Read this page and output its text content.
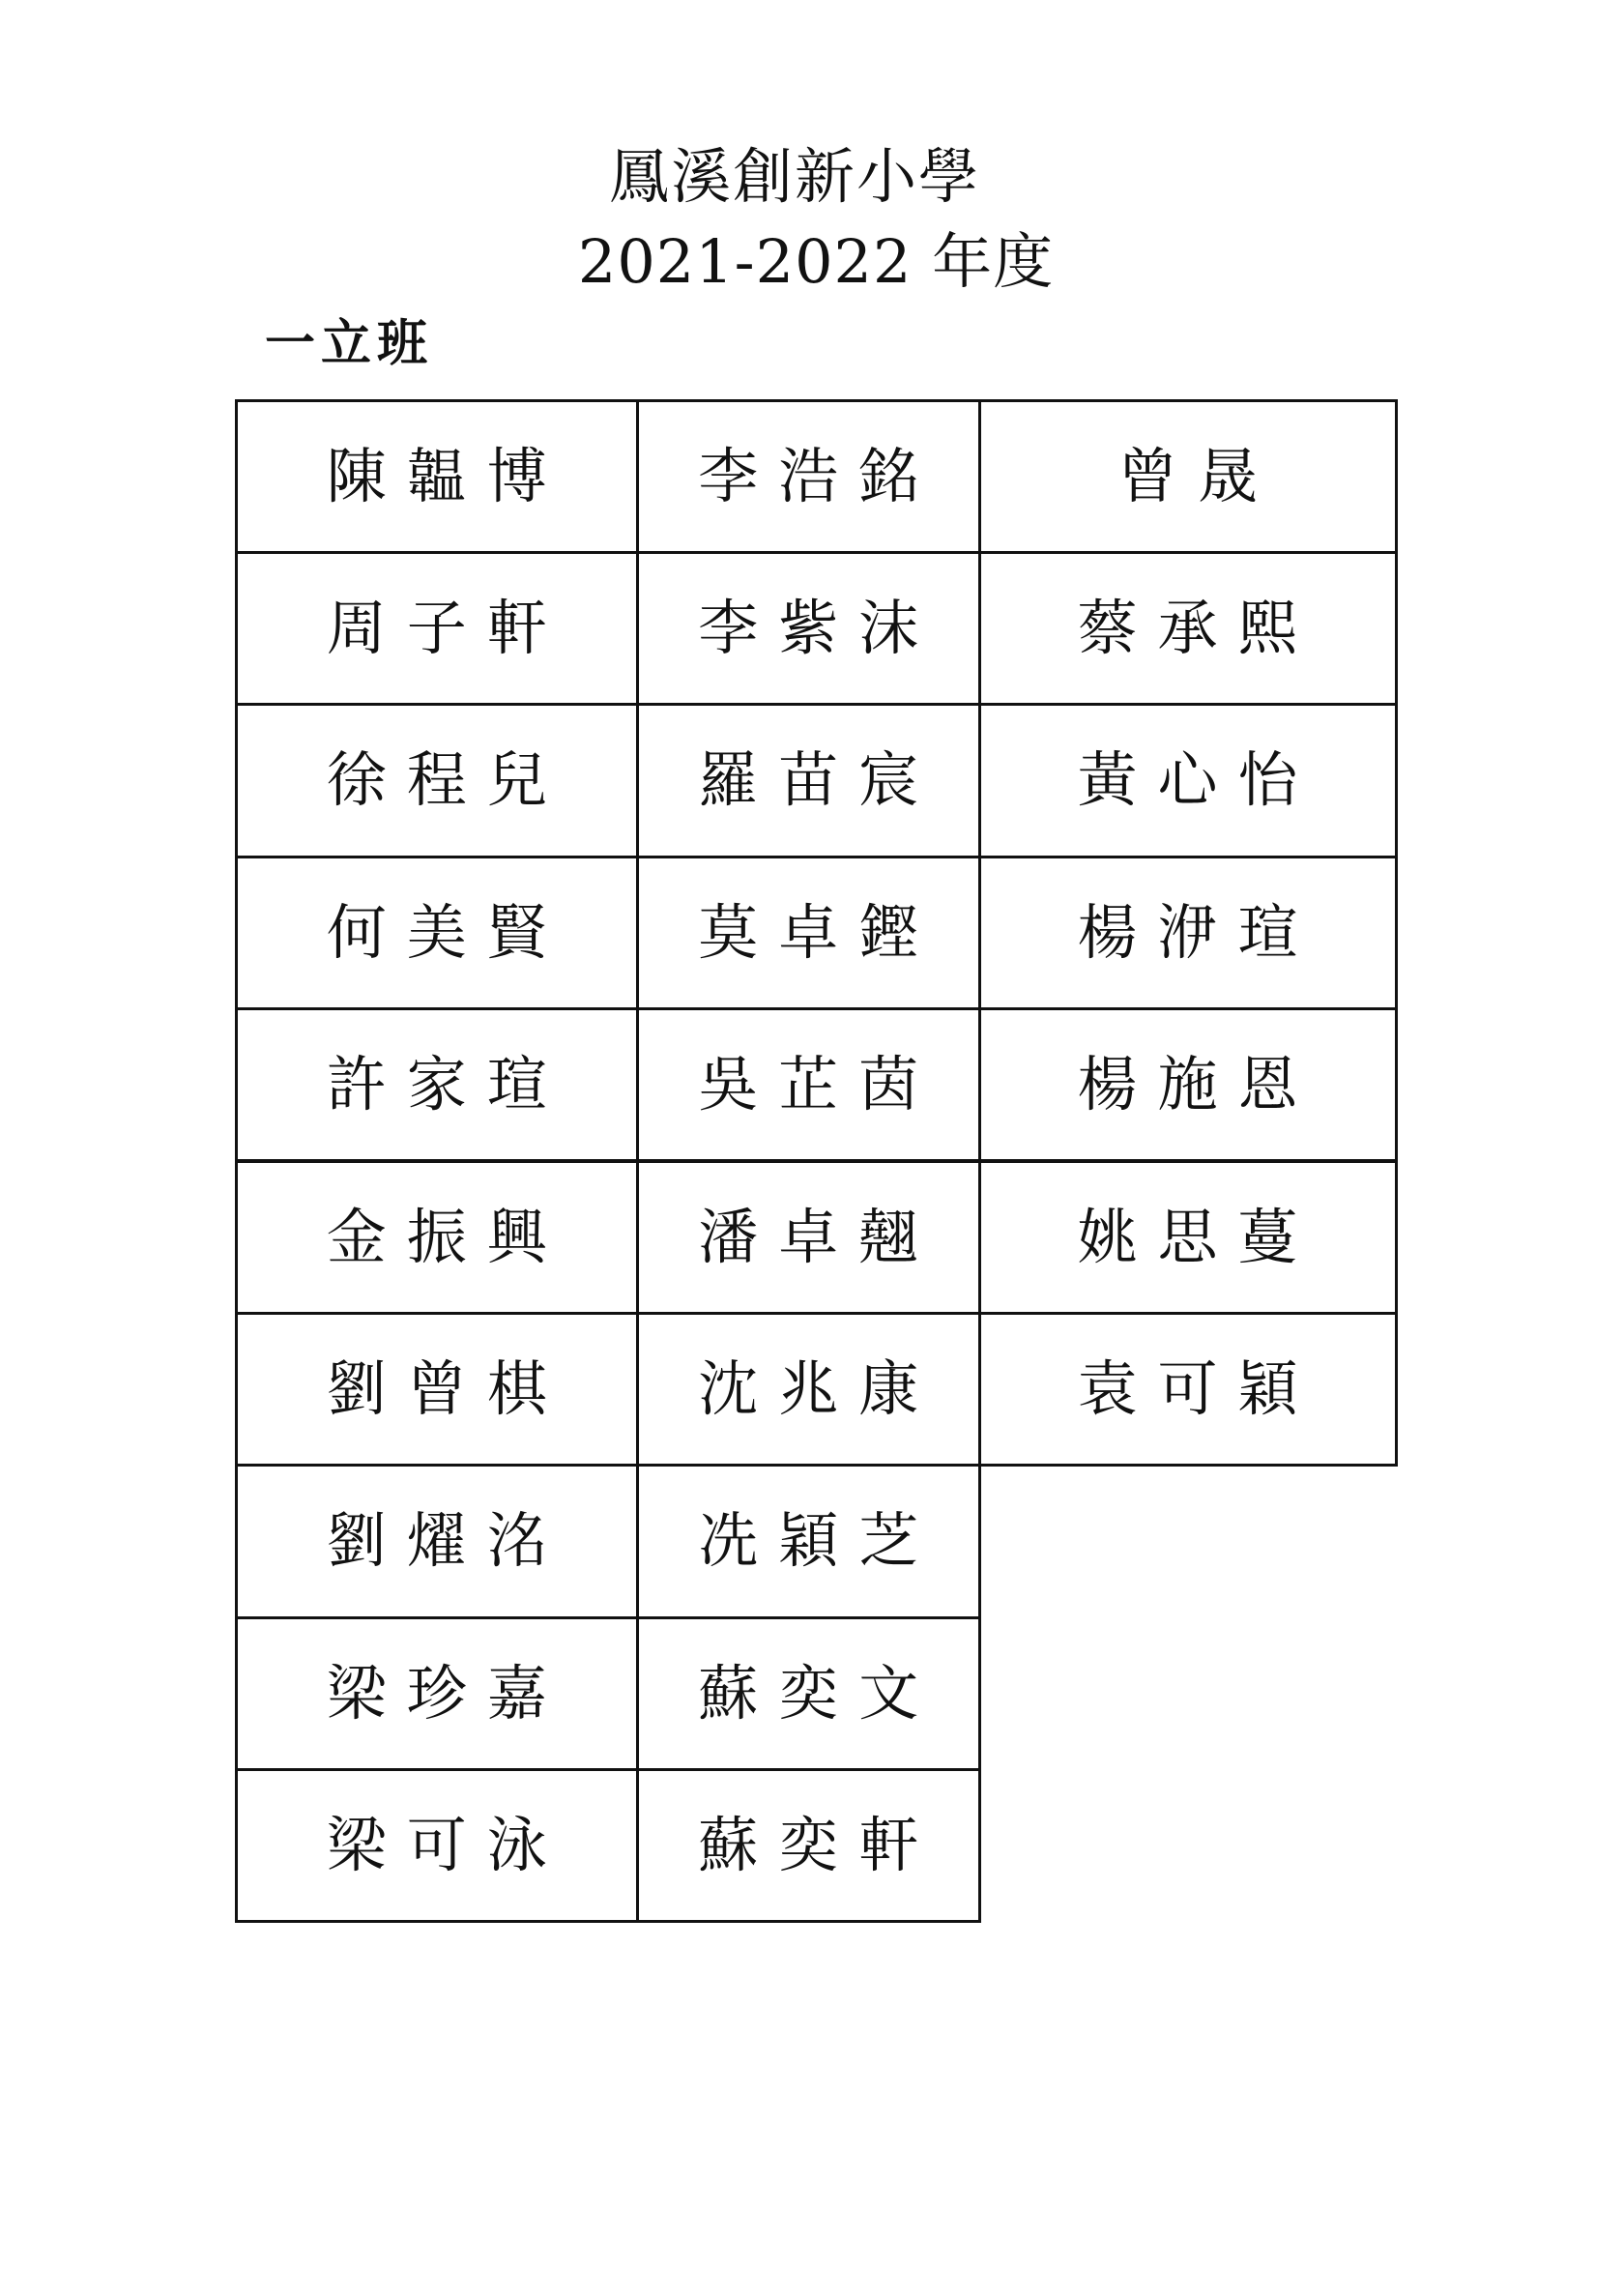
鳳溪創新小學
2021-2022 年度
一立班
陳韞博	李浩銘	曾晟
周子軒	李紫沫	蔡承熙
徐程兒	羅苗宸	黃心怡
何美賢	莫卓鏗	楊洢瑄
許家瑄	吳芷茵	楊施恩
金振興	潘卓翹	姚思蔓
劉曾棋	沈兆康	袁可穎
劉燿洺	冼穎芝
梁珍嘉	蘇奕文
梁可泳	蘇奕軒
